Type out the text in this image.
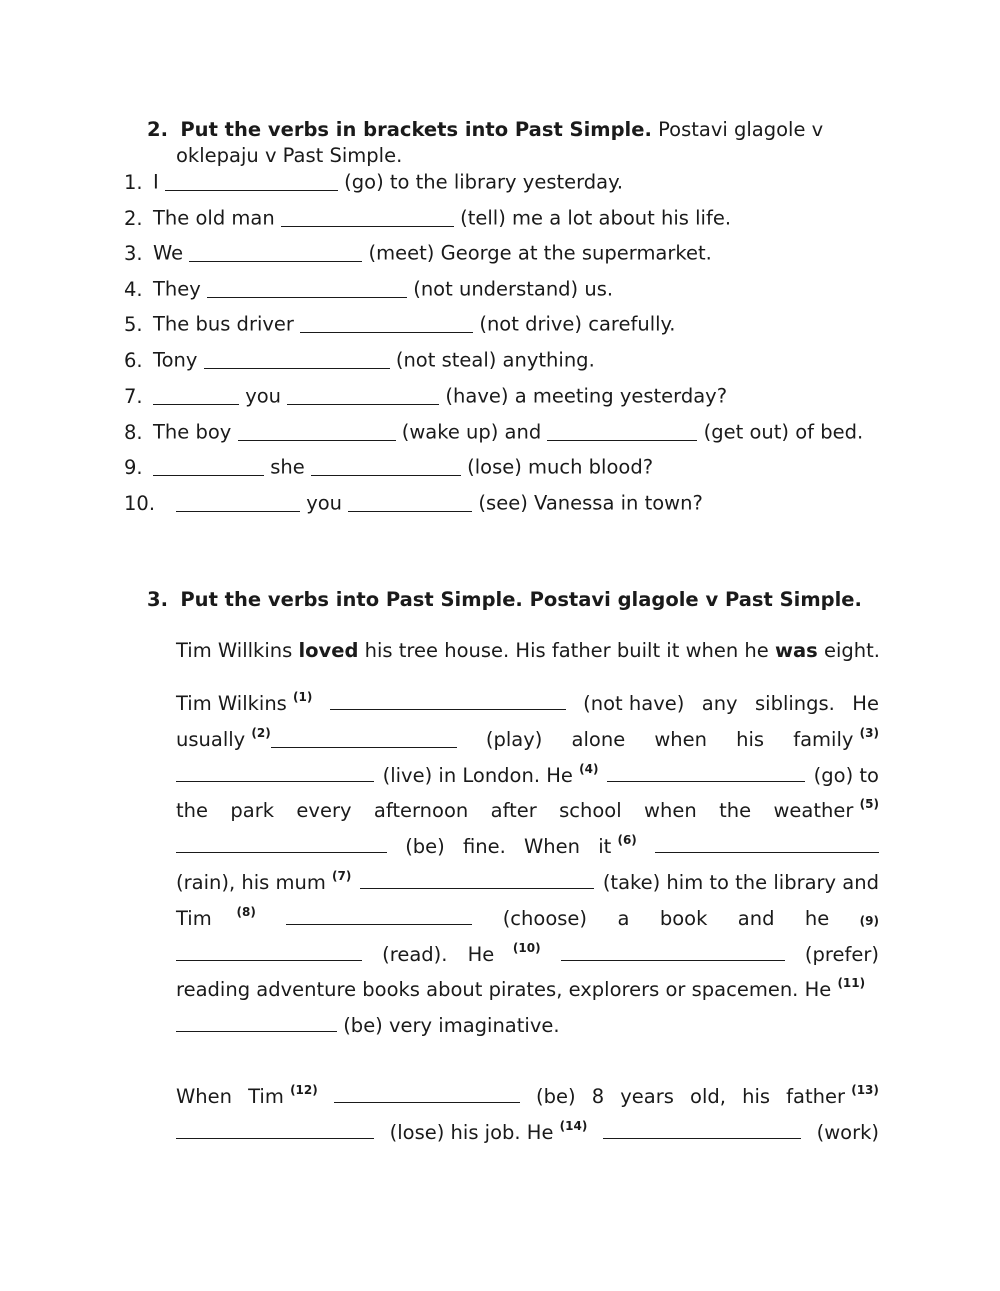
2. Put the verbs in brackets into Past Simple. Postavi glagole v
oklepaju v Past Simple.
1. I	(go) to the library yesterday.
2. The old man	(tell) me a lot about his life.
3. We	(meet) George at the supermarket.
4. They	(not understand) us.
5. The bus driver	(not drive) carefully.
6. Tony	(not steal) anything.
7.	you	(have) a meeting yesterday?
8. The boy	(wake up) and	(get out) of bed.
9.	she	(lose) much blood?
10.	you	(see) Vanessa in town?
3. Put the verbs into Past Simple. Postavi glagole v Past Simple.
Tim Willkins loved his tree house. His father built it when he was eight.
Tim Wilkins $^{(1)}$	(not have) any siblings. He
usually $^{(2)}$	(play) alone when his family $^{(3)}$
(live) in London. He $^{(4)}$	(go) to
the park every afternoon after school when the weather $^{(5)}$
(be) fine. When it $^{(6)}$
(rain), his mum $^{(7)}$	(take) him to the library and
Tim $^{(8)}$	(choose) a book and he	(9)
(read). He $^{(10)}$	(prefer)
reading adventure books about pirates, explorers or spacemen. He $^{(11)}$

(be) very imaginative.
When Tim $^{(12)}$	(be) 8 years old, his father $^{(13)}$
(lose) his job. He $^{(14)}$	(work)
